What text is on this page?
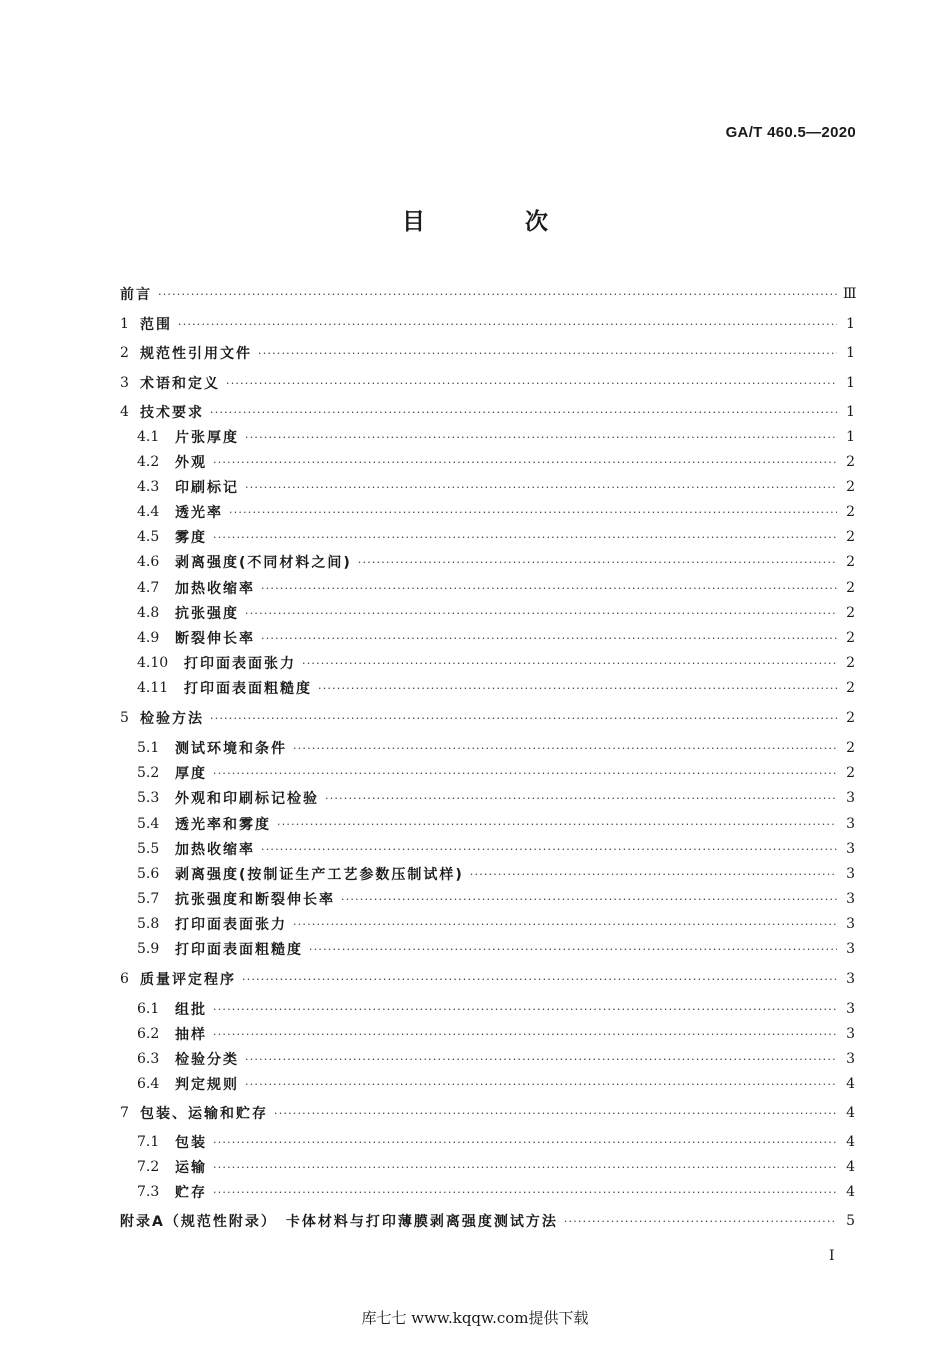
GA/T 460.5—2020
目 次
前言 ·····	Ⅲ
1 范围 ·····	1
2 规范性引用文件 ·····	1
3 术语和定义 ·····	1
4 技术要求 ·····	1
4.1	片张厚度 ·····	1
4.2	外观 ·····	2
4.3	印刷标记 ·····	2
4.4	透光率 ·····	2
4.5	雾度 ·····	2
4.6	剥离强度(不同材料之间) ·····	2
4.7	加热收缩率 ·····	2
4.8	抗张强度 ·····	2
4.9	断裂伸长率 ·····	2
4.10	打印面表面张力 ·····	2
4.11	打印面表面粗糙度 ·····	2
5 检验方法 ·····	2
5.1	测试环境和条件 ·····	2
5.2	厚度 ·····	2
5.3	外观和印刷标记检验 ·····	3
5.4	透光率和雾度 ·····	3
5.5	加热收缩率 ·····	3
5.6	剥离强度(按制证生产工艺参数压制试样) ·····	3
5.7	抗张强度和断裂伸长率 ·····	3
5.8	打印面表面张力 ·····	3
5.9	打印面表面粗糙度 ·····	3
6 质量评定程序 ·····	3
6.1	组批 ·····	3
6.2	抽样 ·····	3
6.3	检验分类 ·····	3
6.4	判定规则 ·····	4
7 包装、运输和贮存 ·····	4
7.1	包装 ·····	4
7.2	运输 ·····	4
7.3	贮存 ·····	4
附录A（规范性附录）　卡体材料与打印薄膜剥离强度测试方法 ·····	5
I
库七七 www.kqqw.com提供下载
